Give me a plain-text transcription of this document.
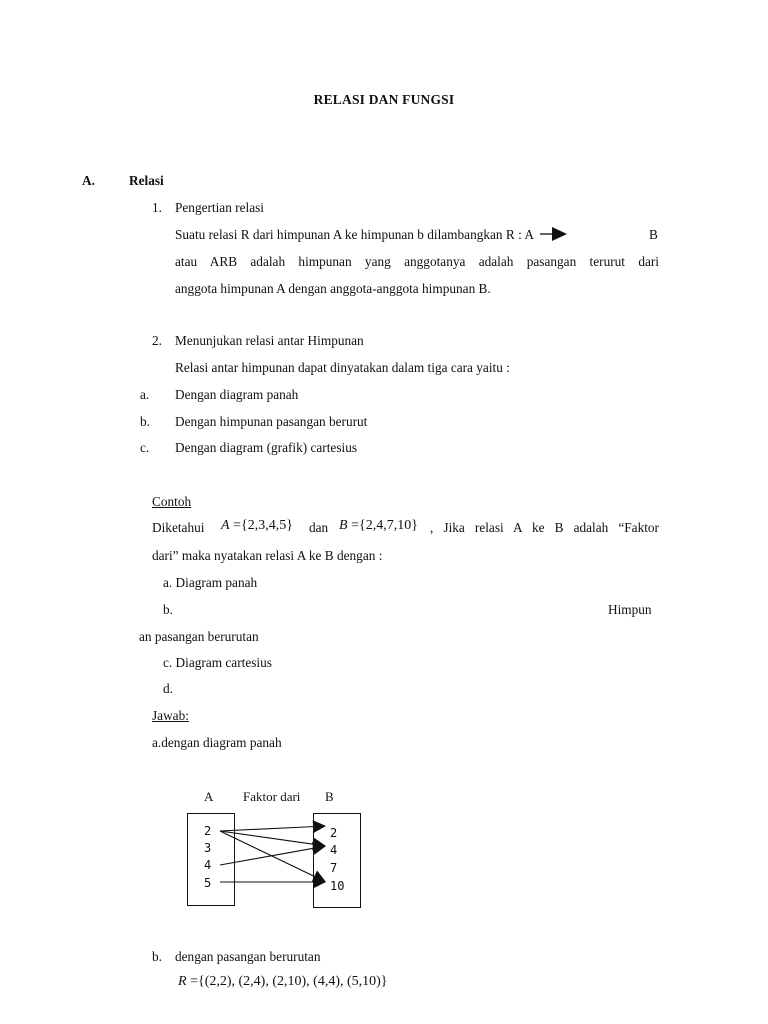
RELASI DAN FUNGSI
A.	Relasi
1. Pengertian relasi
Suatu relasi R dari himpunan A ke himpunan b dilambangkan R : A	B
atau ARB adalah himpunan yang anggotanya adalah pasangan terurut dari
anggota himpunan A dengan anggota-anggota himpunan B.
2. Menunjukan relasi antar Himpunan
Relasi antar himpunan dapat dinyatakan dalam tiga cara yaitu :
a. Dengan diagram panah
b. Dengan himpunan pasangan berurut
c. Dengan diagram (grafik) cartesius
Contoh
Diketahui A ={2,3,4,5} dan B ={2,4,7,10} , Jika relasi A ke B adalah “Faktor
dari” maka nyatakan relasi A ke B dengan :
a. Diagram panah
b.	Himpun
an pasangan berurutan
c. Diagram cartesius
d.
Jawab:
a.dengan diagram panah
A Faktor dari B
2
3
4
5
2
4
7
10
b. dengan pasangan berurutan
R ={(2,2), (2,4), (2,10), (4,4), (5,10)}
